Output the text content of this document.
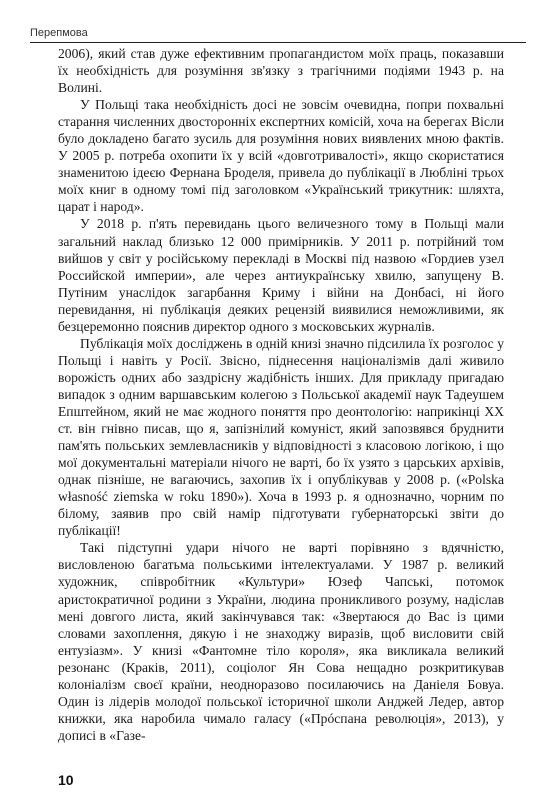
Перепмова

2006), який став дуже ефективним пропагандистом моїх праць, показавши їх необхідність для розуміння зв'язку з трагічними подіями 1943 р. на Волині.

У Польщі така необхідність досі не зовсім очевидна, попри похвальні старання численних двосторонніх експертних комісій, хоча на берегах Вісли було докладено багато зусиль для розуміння нових виявлених мною фактів. У 2005 р. потреба охопити їх у всій «довготривалості», якщо скористатися знаменитою ідеєю Фернана Броделя, привела до публікації в Любліні трьох моїх книг в одному томі під заголовком «Український трикутник: шляхта, царат і народ».

У 2018 р. п'ять перевидань цього величезного тому в Польщі мали загальний наклад близько 12 000 примірників. У 2011 р. потрійний том вийшов у світ у російському перекладі в Москві під назвою «Гордиев узел Российской империи», але через антиукраїнську хвилю, запущену В. Путіним унаслідок загарбання Криму і війни на Донбасі, ні його перевидання, ні публікація деяких рецензій виявилися неможливими, як безцеремонно пояснив директор одного з московських журналів.

Публікація моїх досліджень в одній книзі значно підсилила їх розголос у Польщі і навіть у Росії. Звісно, піднесення націоналізмів далі живило ворожість одних або заздрісну жадібність інших. Для прикладу пригадаю випадок з одним варшавським колегою з Польської академії наук Тадеушем Епштейном, який не має жодного поняття про деонтологію: наприкінці ХХ ст. він гнівно писав, що я, запізнілий комуніст, який запозвявся бруднити пам'ять польських землевласників у відповідності з класовою логікою, і що мої документальні матеріали нічого не варті, бо їх узято з царських архівів, однак пізніше, не вагаючись, захопив їх і опублікував у 2008 р. («Polska własność ziemska w roku 1890»). Хоча в 1993 р. я однозначно, чорним по білому, заявив про свій намір підготувати губернаторські звіти до публікації!

Такі підступні удари нічого не варті порівняно з вдячністю, висловленою багатьма польськими інтелектуалами. У 1987 р. великий художник, співробітник «Культури» Юзеф Чапські, потомок аристократичної родини з України, людина проникливого розуму, надіслав мені довгого листа, який закінчувався так: «Звертаюся до Вас із цими словами захоплення, дякую і не знаходжу виразів, щоб висловити свій ентузіазм». У книзі «Фантомне тіло короля», яка викликала великий резонанс (Кракiв, 2011), соціолог Ян Сова нещадно розкритикував колоніалізм своєї країни, неодноразово посилаючись на Даніеля Бовуа. Один із лідерів молодої польської історичної школи Анджей Ледер, автор книжки, яка наробила чимало галасу («Прóспана революція», 2013), у дописі в «Газе-

10
